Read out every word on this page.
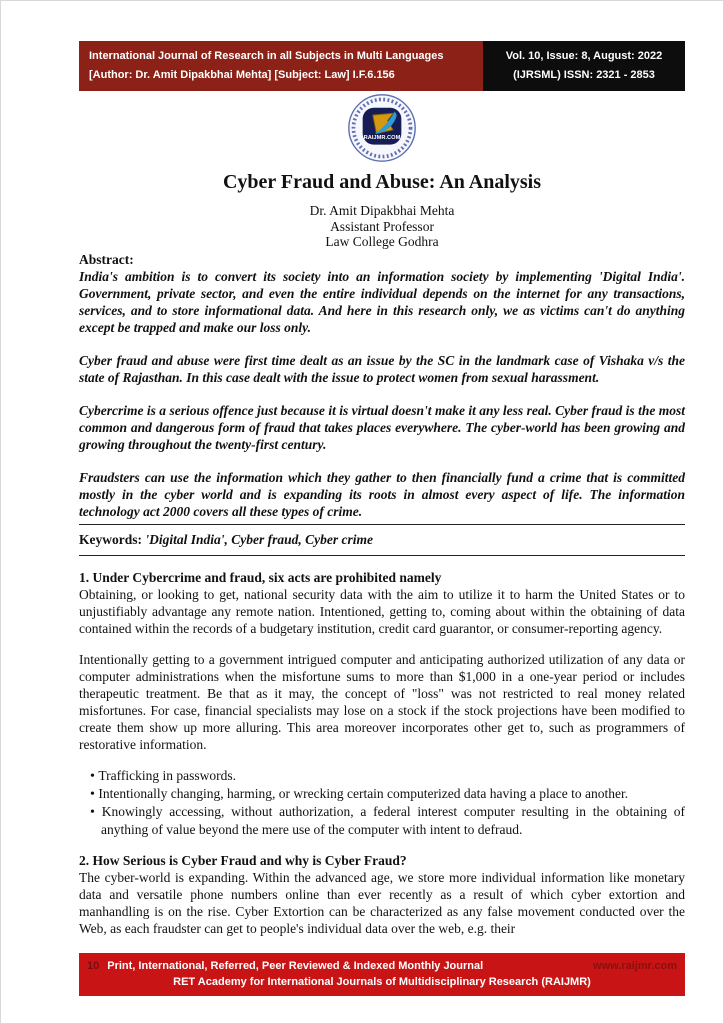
International Journal of Research in all Subjects in Multi Languages
[Author: Dr. Amit Dipakbhai Mehta] [Subject: Law] I.F.6.156
Vol. 10, Issue: 8, August: 2022
(IJRSML) ISSN: 2321 - 2853
RAIJMR.COM
Cyber Fraud and Abuse: An Analysis
Dr. Amit Dipakbhai Mehta
Assistant Professor
Law College Godhra
Abstract:

India's ambition is to convert its society into an information society by implementing 'Digital India'. Government, private sector, and even the entire individual depends on the internet for any transactions, services, and to store informational data. And here in this research only, we as victims can't do anything except be trapped and make our loss only.

Cyber fraud and abuse were first time dealt as an issue by the SC in the landmark case of Vishaka v/s the state of Rajasthan. In this case dealt with the issue to protect women from sexual harassment.

Cybercrime is a serious offence just because it is virtual doesn't make it any less real. Cyber fraud is the most common and dangerous form of fraud that takes places everywhere. The cyber-world has been growing and growing throughout the twenty-first century.

Fraudsters can use the information which they gather to then financially fund a crime that is committed mostly in the cyber world and is expanding its roots in almost every aspect of life. The information technology act 2000 covers all these types of crime.

Keywords: 'Digital India', Cyber fraud, Cyber crime
1. Under Cybercrime and fraud, six acts are prohibited namely

Obtaining, or looking to get, national security data with the aim to utilize it to harm the United States or to unjustifiably advantage any remote nation. Intentioned, getting to, coming about within the obtaining of data contained within the records of a budgetary institution, credit card guarantor, or consumer-reporting agency.

Intentionally getting to a government intrigued computer and anticipating authorized utilization of any data or computer administrations when the misfortune sums to more than $1,000 in a one-year period or includes therapeutic treatment. Be that as it may, the concept of "loss" was not restricted to real money related misfortunes. For case, financial specialists may lose on a stock if the stock projections have been modified to create them show up more alluring. This area moreover incorporates other get to, such as programmers of restorative information.

• Trafficking in passwords.
• Intentionally changing, harming, or wrecking certain computerized data having a place to another.
• Knowingly accessing, without authorization, a federal interest computer resulting in the obtaining of anything of value beyond the mere use of the computer with intent to defraud.
2. How Serious is Cyber Fraud and why is Cyber Fraud?

The cyber-world is expanding. Within the advanced age, we store more individual information like monetary data and versatile phone numbers online than ever recently as a result of which cyber extortion and manhandling is on the rise. Cyber Extortion can be characterized as any false movement conducted over the Web, as each fraudster can get to people's individual data over the web, e.g. their

10 Print, International, Referred, Peer Reviewed & Indexed Monthly Journal	www.raijmr.com
RET Academy for International Journals of Multidisciplinary Research (RAIJMR)
